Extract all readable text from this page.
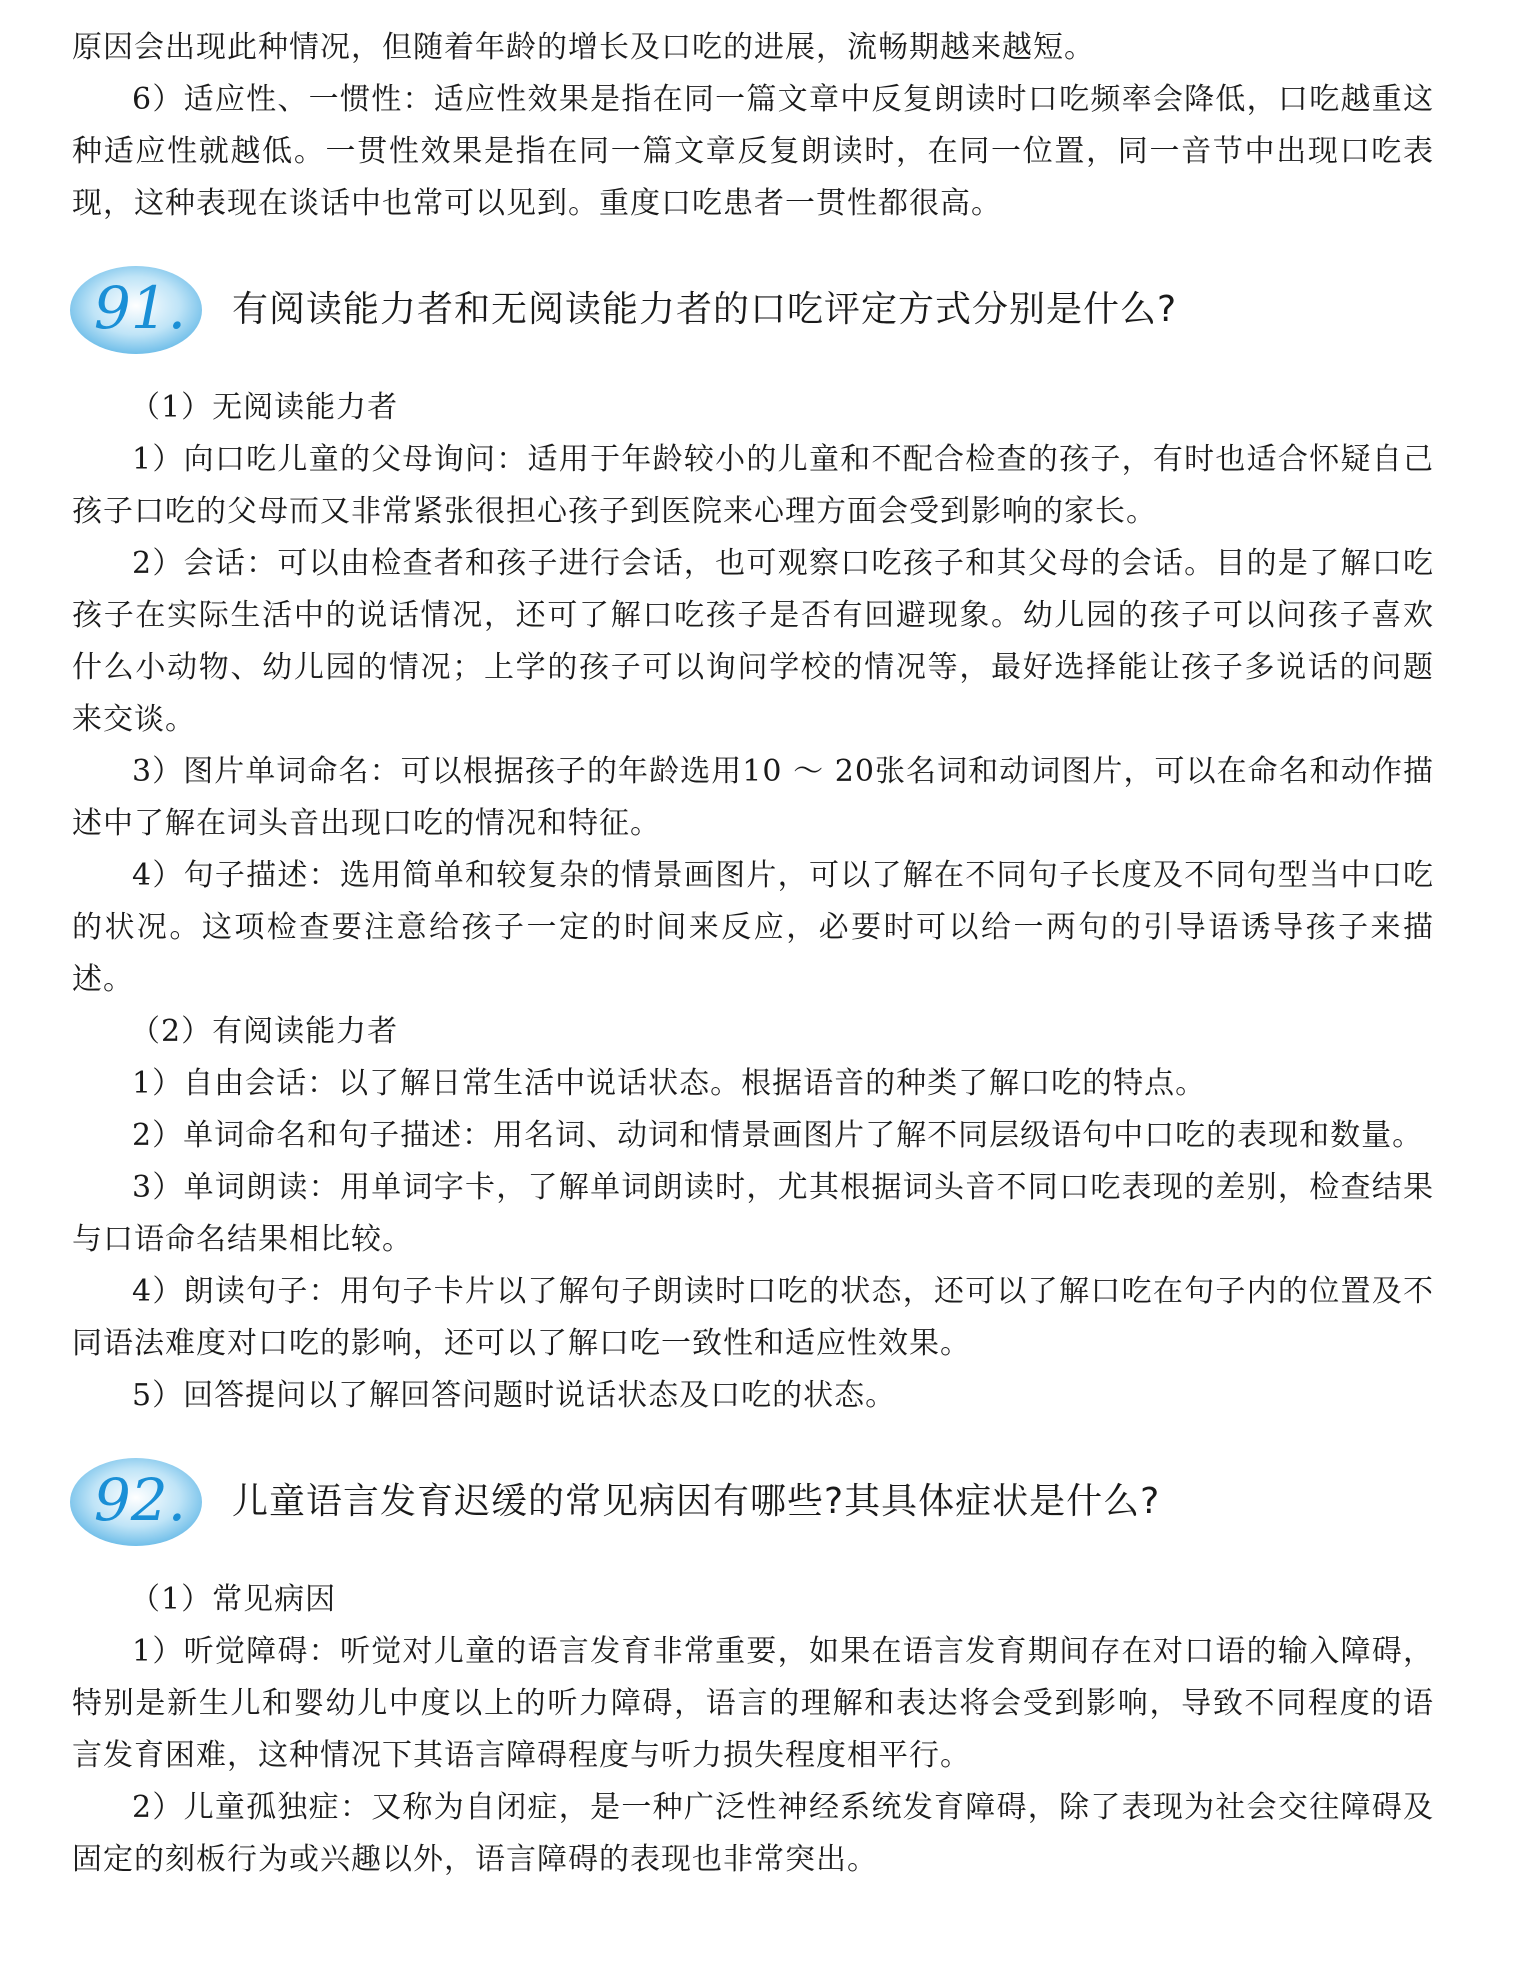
原因会出现此种情况，但随着年龄的增长及口吃的进展，流畅期越来越短。

6）适应性、一惯性：适应性效果是指在同一篇文章中反复朗读时口吃频率会降低，口吃越重这种适应性就越低。一贯性效果是指在同一篇文章反复朗读时，在同一位置，同一音节中出现口吃表现，这种表现在谈话中也常可以见到。重度口吃患者一贯性都很高。

91. 有阅读能力者和无阅读能力者的口吃评定方式分别是什么?

（1）无阅读能力者

1）向口吃儿童的父母询问：适用于年龄较小的儿童和不配合检查的孩子，有时也适合怀疑自己孩子口吃的父母而又非常紧张很担心孩子到医院来心理方面会受到影响的家长。

2）会话：可以由检查者和孩子进行会话，也可观察口吃孩子和其父母的会话。目的是了解口吃孩子在实际生活中的说话情况，还可了解口吃孩子是否有回避现象。幼儿园的孩子可以问孩子喜欢什么小动物、幼儿园的情况；上学的孩子可以询问学校的情况等，最好选择能让孩子多说话的问题来交谈。

3）图片单词命名：可以根据孩子的年龄选用10 ～ 20张名词和动词图片，可以在命名和动作描述中了解在词头音出现口吃的情况和特征。

4）句子描述：选用简单和较复杂的情景画图片，可以了解在不同句子长度及不同句型当中口吃的状况。这项检查要注意给孩子一定的时间来反应，必要时可以给一两句的引导语诱导孩子来描述。

（2）有阅读能力者

1）自由会话：以了解日常生活中说话状态。根据语音的种类了解口吃的特点。

2）单词命名和句子描述：用名词、动词和情景画图片了解不同层级语句中口吃的表现和数量。

3）单词朗读：用单词字卡，了解单词朗读时，尤其根据词头音不同口吃表现的差别，检查结果与口语命名结果相比较。

4）朗读句子：用句子卡片以了解句子朗读时口吃的状态，还可以了解口吃在句子内的位置及不同语法难度对口吃的影响，还可以了解口吃一致性和适应性效果。

5）回答提问以了解回答问题时说话状态及口吃的状态。

92. 儿童语言发育迟缓的常见病因有哪些?其具体症状是什么?

（1）常见病因

1）听觉障碍：听觉对儿童的语言发育非常重要，如果在语言发育期间存在对口语的输入障碍，特别是新生儿和婴幼儿中度以上的听力障碍，语言的理解和表达将会受到影响，导致不同程度的语言发育困难，这种情况下其语言障碍程度与听力损失程度相平行。

2）儿童孤独症：又称为自闭症，是一种广泛性神经系统发育障碍，除了表现为社会交往障碍及固定的刻板行为或兴趣以外，语言障碍的表现也非常突出。
